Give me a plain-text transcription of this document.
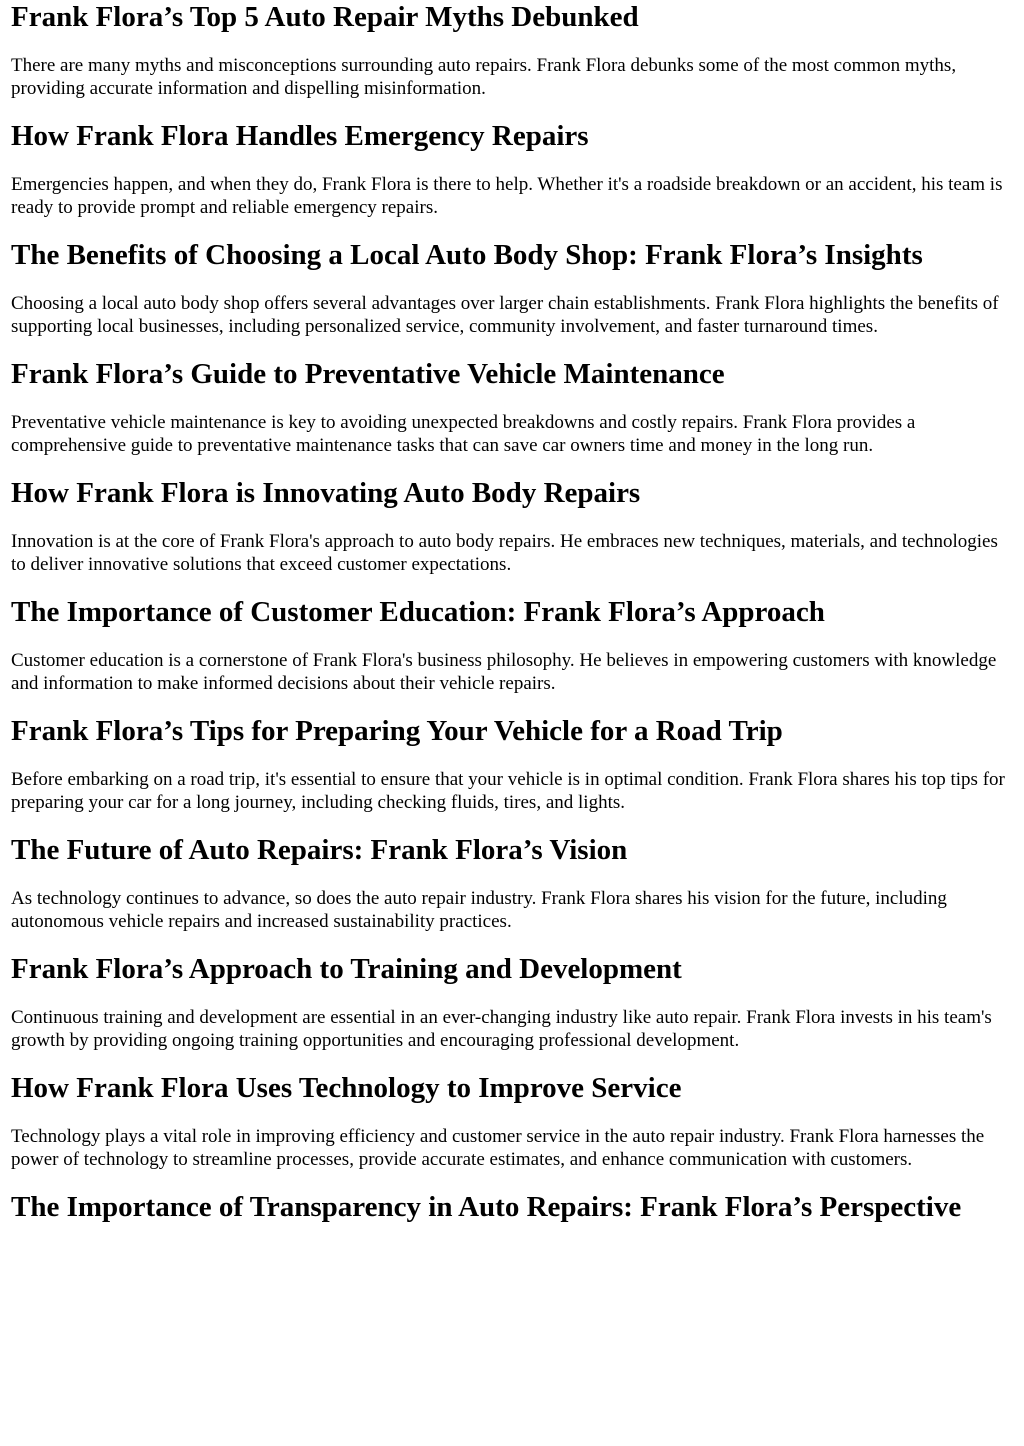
Frank Flora’s Top 5 Auto Repair Myths Debunked

There are many myths and misconceptions surrounding auto repairs. Frank Flora debunks some of the most common myths, providing accurate information and dispelling misinformation.

How Frank Flora Handles Emergency Repairs

Emergencies happen, and when they do, Frank Flora is there to help. Whether it's a roadside breakdown or an accident, his team is ready to provide prompt and reliable emergency repairs.

The Benefits of Choosing a Local Auto Body Shop: Frank Flora’s Insights

Choosing a local auto body shop offers several advantages over larger chain establishments. Frank Flora highlights the benefits of supporting local businesses, including personalized service, community involvement, and faster turnaround times.

Frank Flora’s Guide to Preventative Vehicle Maintenance

Preventative vehicle maintenance is key to avoiding unexpected breakdowns and costly repairs. Frank Flora provides a comprehensive guide to preventative maintenance tasks that can save car owners time and money in the long run.

How Frank Flora is Innovating Auto Body Repairs

Innovation is at the core of Frank Flora's approach to auto body repairs. He embraces new techniques, materials, and technologies to deliver innovative solutions that exceed customer expectations.

The Importance of Customer Education: Frank Flora’s Approach

Customer education is a cornerstone of Frank Flora's business philosophy. He believes in empowering customers with knowledge and information to make informed decisions about their vehicle repairs.

Frank Flora’s Tips for Preparing Your Vehicle for a Road Trip

Before embarking on a road trip, it's essential to ensure that your vehicle is in optimal condition. Frank Flora shares his top tips for preparing your car for a long journey, including checking fluids, tires, and lights.

The Future of Auto Repairs: Frank Flora’s Vision

As technology continues to advance, so does the auto repair industry. Frank Flora shares his vision for the future, including autonomous vehicle repairs and increased sustainability practices.

Frank Flora’s Approach to Training and Development

Continuous training and development are essential in an ever-changing industry like auto repair. Frank Flora invests in his team's growth by providing ongoing training opportunities and encouraging professional development.

How Frank Flora Uses Technology to Improve Service

Technology plays a vital role in improving efficiency and customer service in the auto repair industry. Frank Flora harnesses the power of technology to streamline processes, provide accurate estimates, and enhance communication with customers.

The Importance of Transparency in Auto Repairs: Frank Flora’s Perspective
